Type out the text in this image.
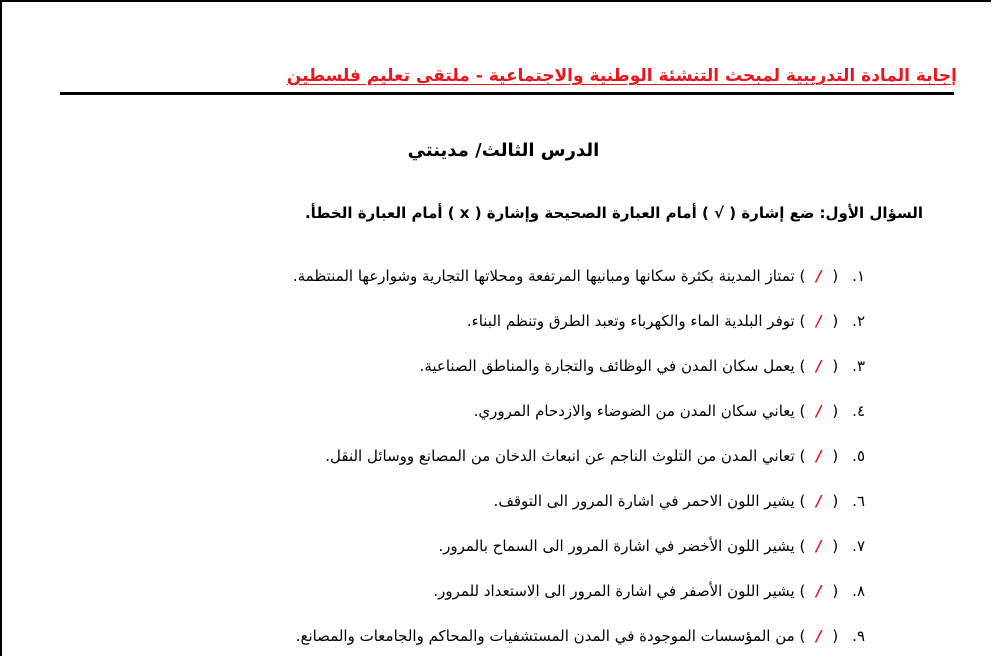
إجابة المادة التدريبية لمبحث التنشئة الوطنية والاجتماعية - ملتقى تعليم فلسطين
الدرس الثالث/ مدينتي
السؤال الأول: ضع إشارة ( √ ) أمام العبارة الصحيحة وإشارة ( x ) أمام العبارة الخطأ.
١. ( / ) تمتاز المدينة بكثرة سكانها ومبانيها المرتفعة ومحلاتها التجارية وشوارعها المنتظمة.
٢. ( / ) توفر البلدية الماء والكهرباء وتعبد الطرق وتنظم البناء.
٣. ( / ) يعمل سكان المدن في الوظائف والتجارة والمناطق الصناعية.
٤. ( / ) يعاني سكان المدن من الضوضاء والازدحام المروري.
٥. ( / ) تعاني المدن من التلوث الناجم عن انبعاث الدخان من المصانع ووسائل النقل.
٦. ( / ) يشير اللون الاحمر في اشارة المرور الى التوقف.
٧. ( / ) يشير اللون الأخضر في اشارة المرور الى السماح بالمرور.
٨. ( / ) يشير اللون الأصفر في اشارة المرور الى الاستعداد للمرور.
٩. ( / ) من المؤسسات الموجودة في المدن المستشفيات والمحاكم والجامعات والمصانع.
